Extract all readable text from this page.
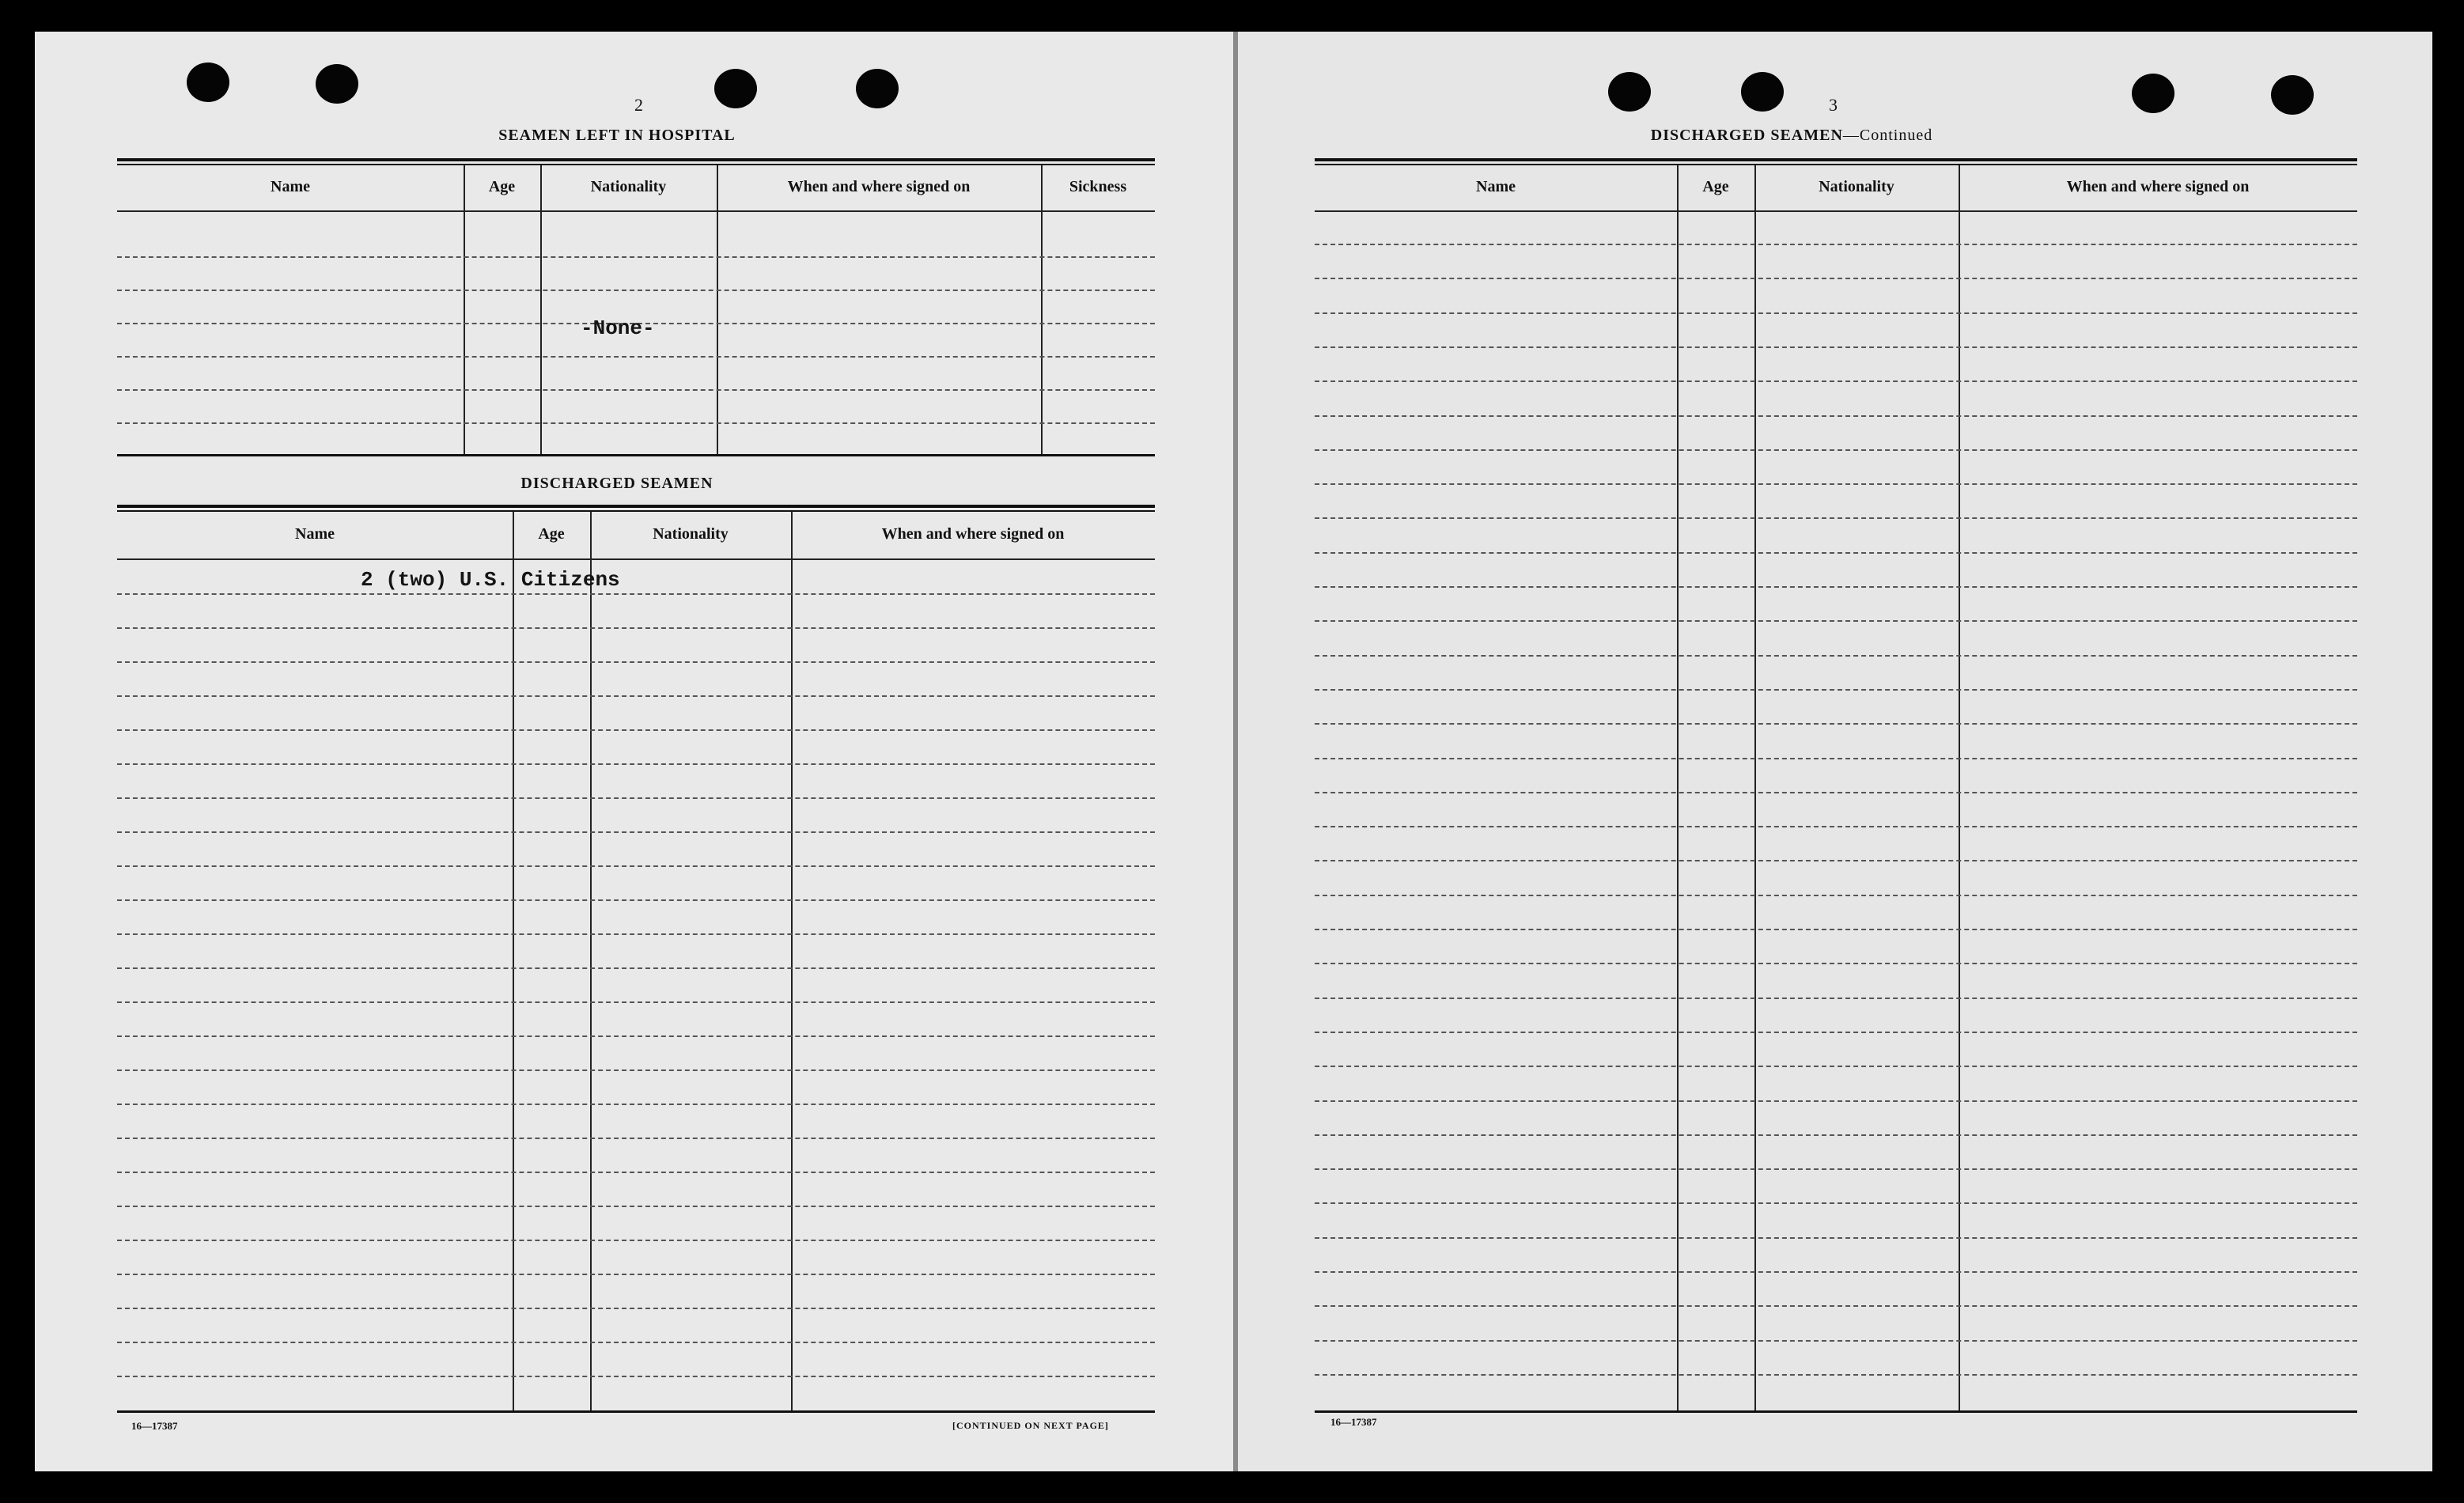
2
SEAMEN LEFT IN HOSPITAL
Name	Age	Nationality	When and where signed on	Sickness
-None-
DISCHARGED SEAMEN
Name	Age	Nationality	When and where signed on
2 (two) U.S. Citizens
16—17387	[CONTINUED ON NEXT PAGE]
3
DISCHARGED SEAMEN—Continued
Name	Age	Nationality	When and where signed on
16—17387
